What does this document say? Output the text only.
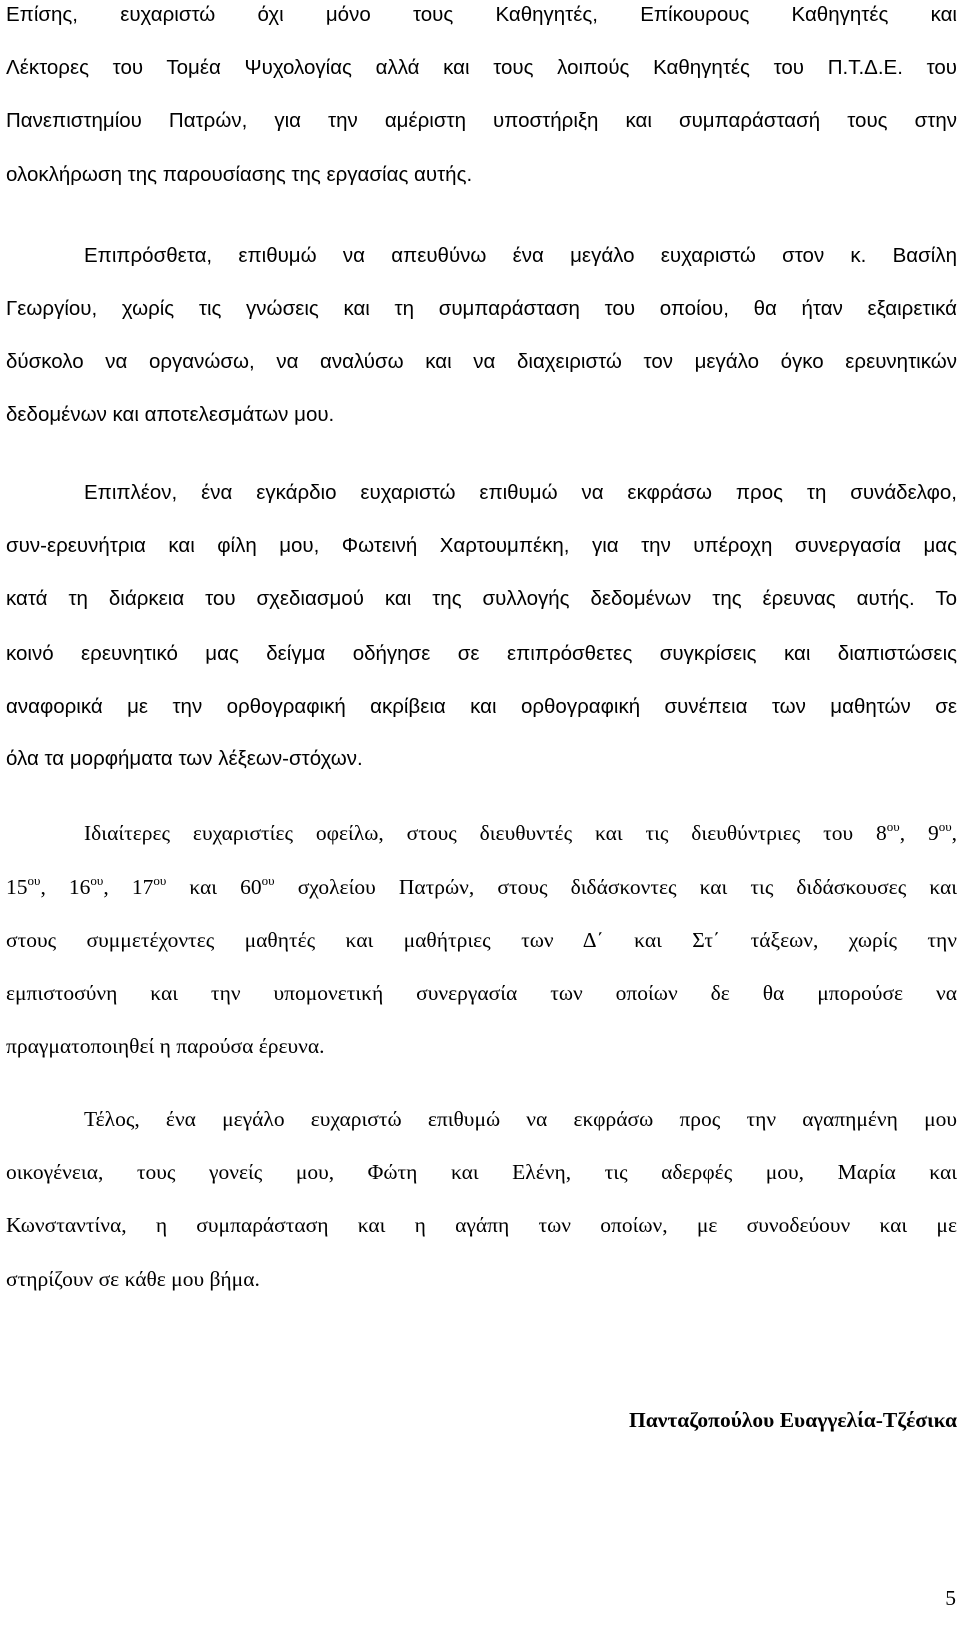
Επίσης, ευχαριστώ όχι μόνο τους Καθηγητές, Επίκουρους Καθηγητές και
Λέκτορες του Τομέα Ψυχολογίας αλλά και τους λοιπούς Καθηγητές του Π.Τ.Δ.Ε. του
Πανεπιστημίου Πατρών, για την αμέριστη υποστήριξη και συμπαράστασή τους στην
ολοκλήρωση της παρουσίασης της εργασίας αυτής.
Επιπρόσθετα, επιθυμώ να απευθύνω ένα μεγάλο ευχαριστώ στον κ. Βασίλη
Γεωργίου, χωρίς τις γνώσεις και τη συμπαράσταση του οποίου, θα ήταν εξαιρετικά
δύσκολο να οργανώσω, να αναλύσω και να διαχειριστώ τον μεγάλο όγκο ερευνητικών
δεδομένων και αποτελεσμάτων μου.
Επιπλέον, ένα εγκάρδιο ευχαριστώ επιθυμώ να εκφράσω προς τη συνάδελφο,
συν-ερευνήτρια και φίλη μου, Φωτεινή Χαρτουμπέκη, για την υπέροχη συνεργασία μας
κατά τη διάρκεια του σχεδιασμού και της συλλογής δεδομένων της έρευνας αυτής. Το
κοινό ερευνητικό μας δείγμα οδήγησε σε επιπρόσθετες συγκρίσεις και διαπιστώσεις
αναφορικά με την ορθογραφική ακρίβεια και ορθογραφική συνέπεια των μαθητών σε
όλα τα μορφήματα των λέξεων-στόχων.
Ιδιαίτερες ευχαριστίες οφείλω, στους διευθυντές και τις διευθύντριες του $8^{o\upsilon}$, $9^{o\upsilon}$,
$15^{o\upsilon}$, $16^{o\upsilon}$, $17^{o\upsilon}$ και $60^{o\upsilon}$ σχολείου Πατρών, στους διδάσκοντες και τις διδάσκουσες και
στους συμμετέχοντες μαθητές και μαθήτριες των Δ΄ και Στ΄ τάξεων, χωρίς την
εμπιστοσύνη και την υπομονετική συνεργασία των οποίων δε θα μπορούσε να
πραγματοποιηθεί η παρούσα έρευνα.
Τέλος, ένα μεγάλο ευχαριστώ επιθυμώ να εκφράσω προς την αγαπημένη μου
οικογένεια, τους γονείς μου, Φώτη και Ελένη, τις αδερφές μου, Μαρία και
Κωνσταντίνα, η συμπαράσταση και η αγάπη των οποίων, με συνοδεύουν και με
στηρίζουν σε κάθε μου βήμα.
Πανταζοπούλου Ευαγγελία-Τζέσικα
5
